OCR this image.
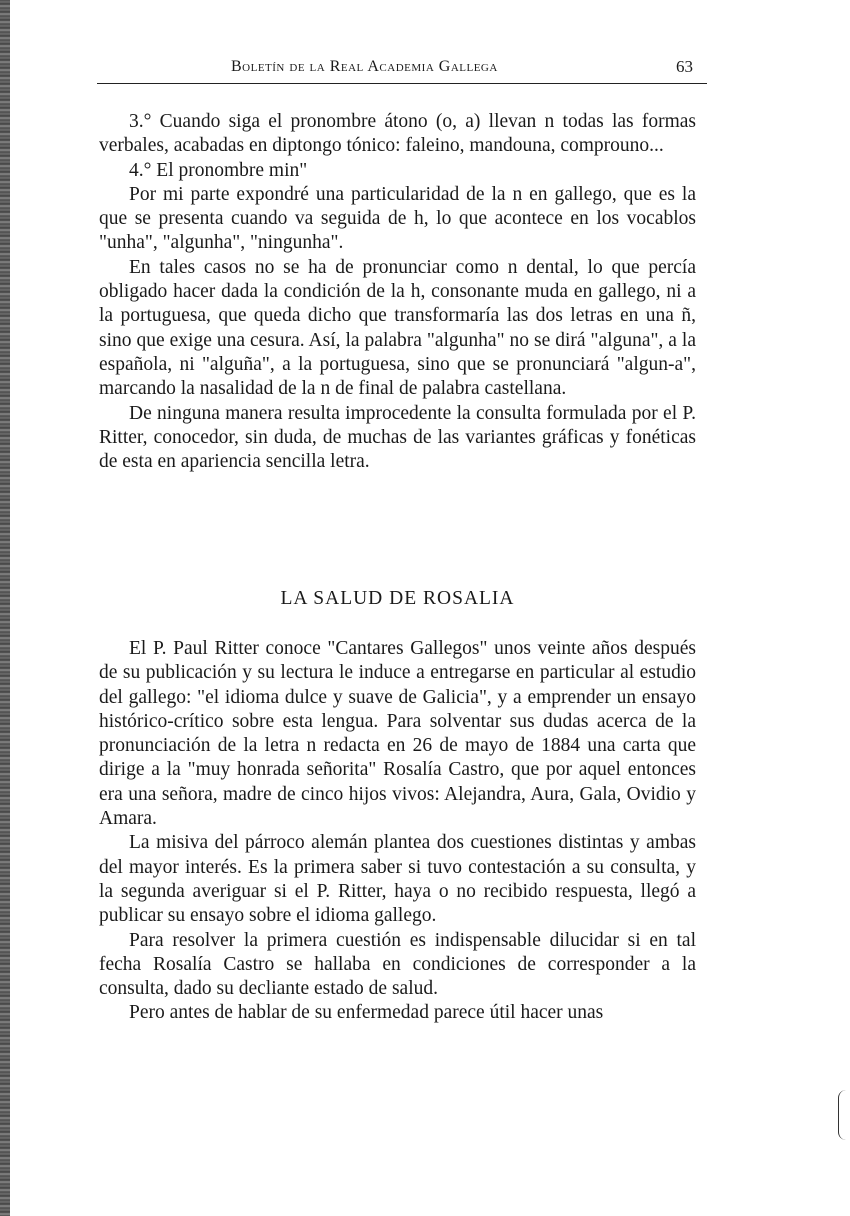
Boletín de la Real Academia Gallega	63

3.° Cuando siga el pronombre átono (o, a) llevan n todas las formas verbales, acabadas en diptongo tónico: faleino, mandouna, comprouno...

4.° El pronombre min"

Por mi parte expondré una particularidad de la n en gallego, que es la que se presenta cuando va seguida de h, lo que acontece en los vocablos "unha", "algunha", "ningunha".

En tales casos no se ha de pronunciar como n dental, lo que percía obligado hacer dada la condición de la h, consonante muda en gallego, ni a la portuguesa, que queda dicho que transformaría las dos letras en una ñ, sino que exige una cesura. Así, la palabra "algunha" no se dirá "alguna", a la española, ni "alguña", a la portuguesa, sino que se pronunciará "algun-a", marcando la nasalidad de la n de final de palabra castellana.

De ninguna manera resulta improcedente la consulta formulada por el P. Ritter, conocedor, sin duda, de muchas de las variantes gráficas y fonéticas de esta en apariencia sencilla letra.

LA SALUD DE ROSALIA

El P. Paul Ritter conoce "Cantares Gallegos" unos veinte años después de su publicación y su lectura le induce a entregarse en particular al estudio del gallego: "el idioma dulce y suave de Galicia", y a emprender un ensayo histórico-crítico sobre esta lengua. Para solventar sus dudas acerca de la pronunciación de la letra n redacta en 26 de mayo de 1884 una carta que dirige a la "muy honrada señorita" Rosalía Castro, que por aquel entonces era una señora, madre de cinco hijos vivos: Alejandra, Aura, Gala, Ovidio y Amara.

La misiva del párroco alemán plantea dos cuestiones distintas y ambas del mayor interés. Es la primera saber si tuvo contestación a su consulta, y la segunda averiguar si el P. Ritter, haya o no recibido respuesta, llegó a publicar su ensayo sobre el idioma gallego.

Para resolver la primera cuestión es indispensable dilucidar si en tal fecha Rosalía Castro se hallaba en condiciones de corresponder a la consulta, dado su decliante estado de salud.

Pero antes de hablar de su enfermedad parece útil hacer unas
